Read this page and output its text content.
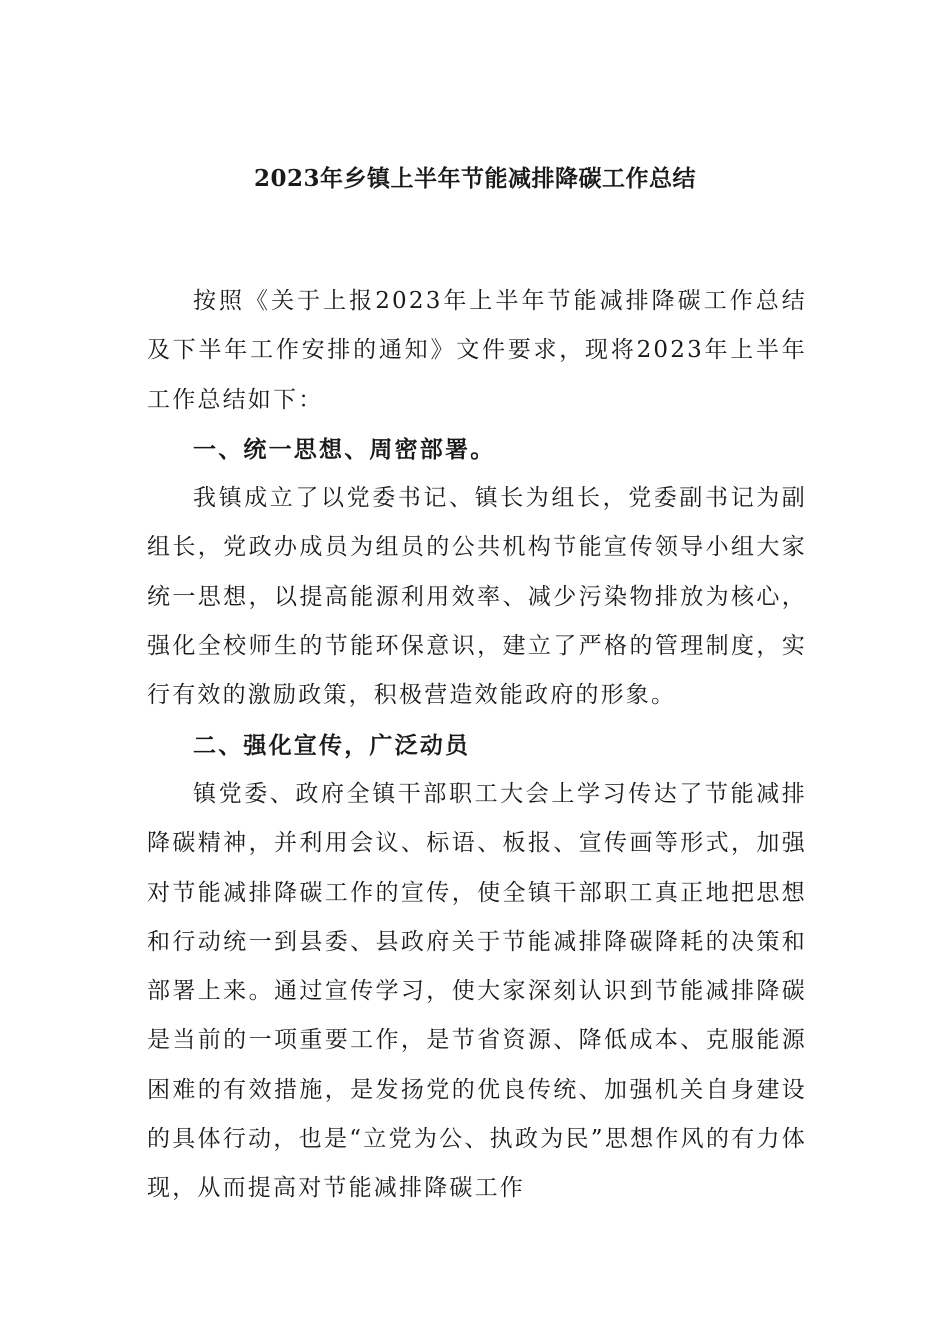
2023年乡镇上半年节能减排降碳工作总结

按照《关于上报2023年上半年节能减排降碳工作总结及下半年工作安排的通知》文件要求，现将2023年上半年工作总结如下：

一、统一思想、周密部署。

我镇成立了以党委书记、镇长为组长，党委副书记为副组长，党政办成员为组员的公共机构节能宣传领导小组大家统一思想，以提高能源利用效率、减少污染物排放为核心，强化全校师生的节能环保意识，建立了严格的管理制度，实行有效的激励政策，积极营造效能政府的形象。

二、强化宣传，广泛动员

镇党委、政府全镇干部职工大会上学习传达了节能减排降碳精神，并利用会议、标语、板报、宣传画等形式，加强对节能减排降碳工作的宣传，使全镇干部职工真正地把思想和行动统一到县委、县政府关于节能减排降碳降耗的决策和部署上来。通过宣传学习，使大家深刻认识到节能减排降碳是当前的一项重要工作，是节省资源、降低成本、克服能源困难的有效措施，是发扬党的优良传统、加强机关自身建设的具体行动，也是“立党为公、执政为民”思想作风的有力体现，从而提高对节能减排降碳工作
